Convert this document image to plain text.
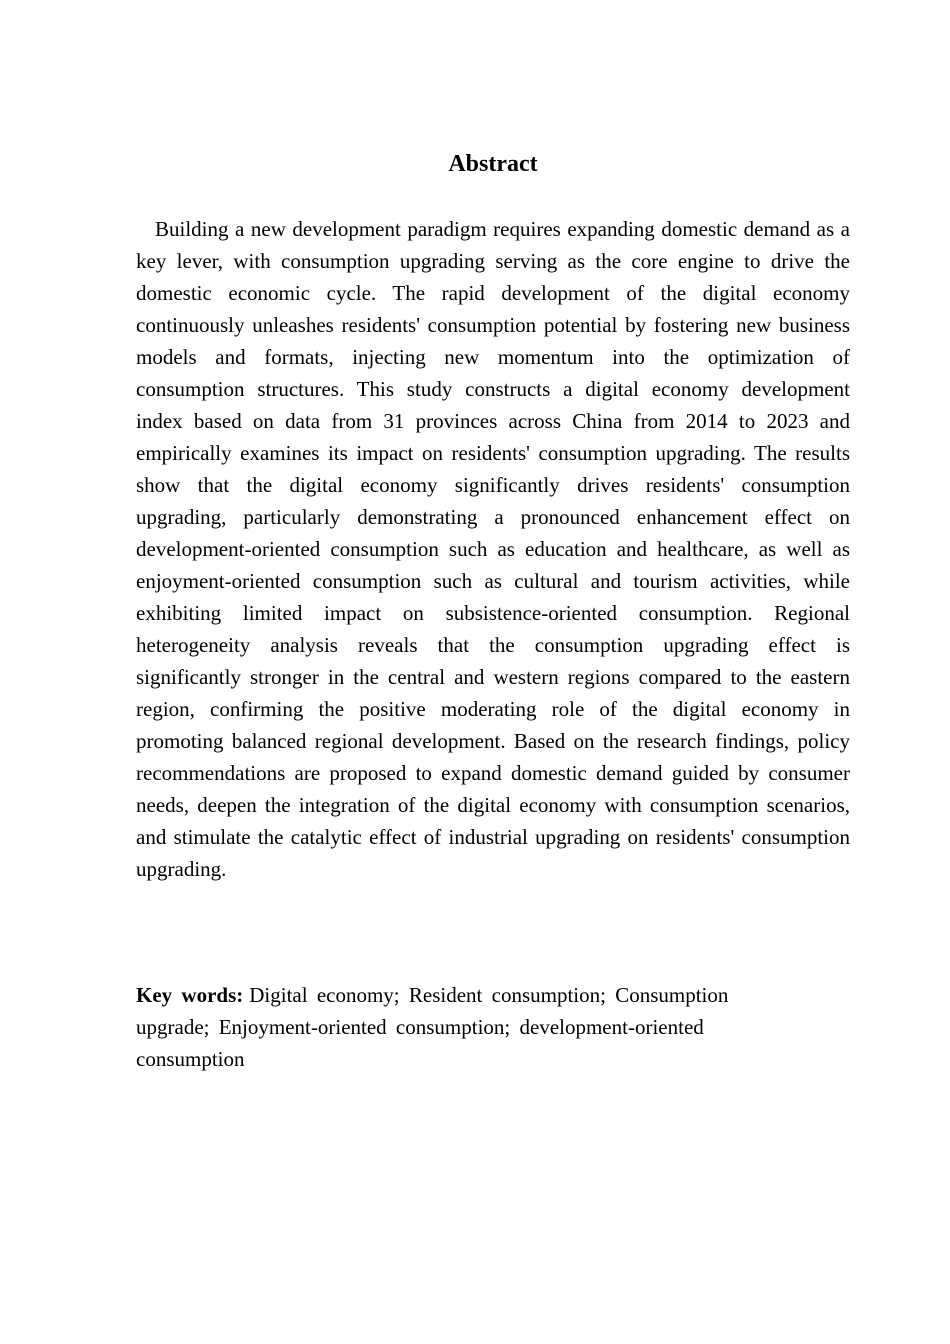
Abstract

Building a new development paradigm requires expanding domestic demand as a key lever, with consumption upgrading serving as the core engine to drive the domestic economic cycle. The rapid development of the digital economy continuously unleashes residents' consumption potential by fostering new business models and formats, injecting new momentum into the optimization of consumption structures. This study constructs a digital economy development index based on data from 31 provinces across China from 2014 to 2023 and empirically examines its impact on residents' consumption upgrading. The results show that the digital economy significantly drives residents' consumption upgrading, particularly demonstrating a pronounced enhancement effect on development-oriented consumption such as education and healthcare, as well as enjoyment-oriented consumption such as cultural and tourism activities, while exhibiting limited impact on subsistence-oriented consumption. Regional heterogeneity analysis reveals that the consumption upgrading effect is significantly stronger in the central and western regions compared to the eastern region, confirming the positive moderating role of the digital economy in promoting balanced regional development. Based on the research findings, policy recommendations are proposed to expand domestic demand guided by consumer needs, deepen the integration of the digital economy with consumption scenarios, and stimulate the catalytic effect of industrial upgrading on residents' consumption upgrading.

Key words: Digital economy; Resident consumption; Consumption upgrade; Enjoyment-oriented consumption; development-oriented consumption
